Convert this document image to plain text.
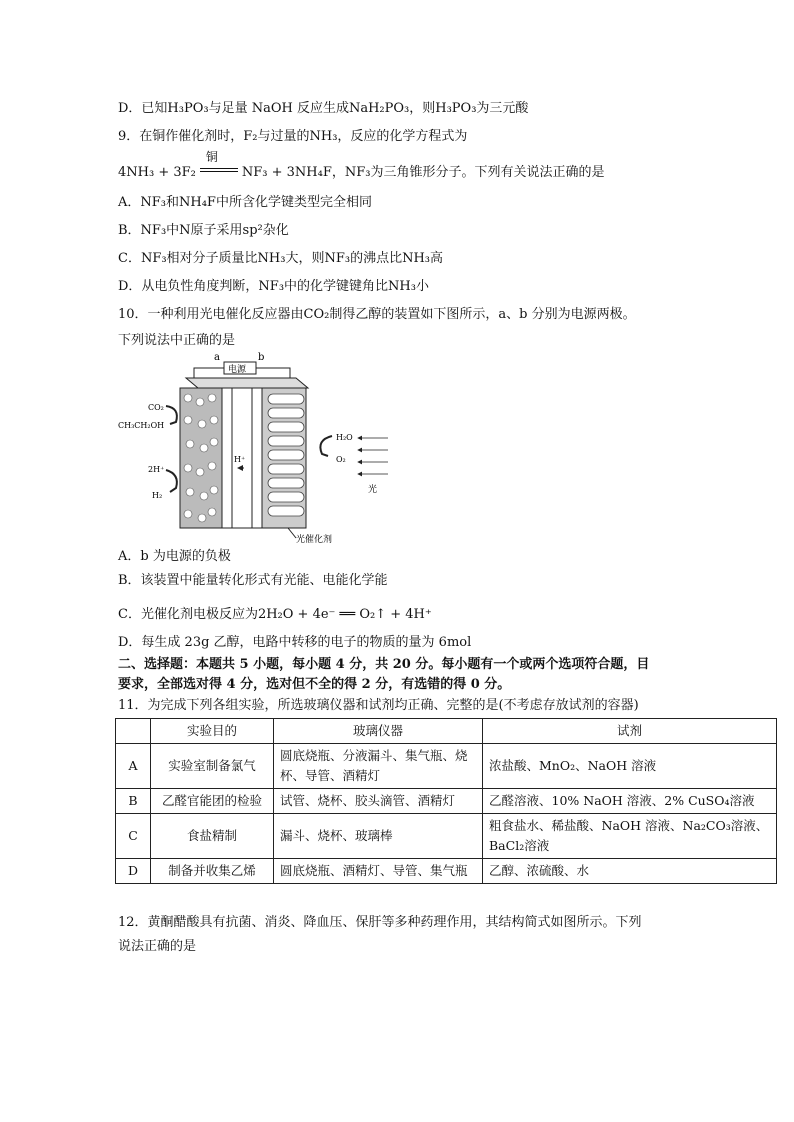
D．已知H₃PO₃与足量 NaOH 反应生成NaH₂PO₃，则H₃PO₃为三元酸
9．在铜作催化剂时，F₂与过量的NH₃，反应的化学方程式为
4NH₃ + 3F₂
铜
NF₃ + 3NH₄F，NF₃为三角锥形分子。下列有关说法正确的是
A．NF₃和NH₄F中所含化学键类型完全相同
B．NF₃中N原子采用sp²杂化
C．NF₃相对分子质量比NH₃大，则NF₃的沸点比NH₃高
D．从电负性角度判断，NF₃中的化学键键角比NH₃小
10．一种利用光电催化反应器由CO₂制得乙醇的装置如下图所示，a、b 分别为电源两极。
下列说法中正确的是
a	b
电源
H⁺
CO₂
CH₃CH₂OH
2H⁺
H₂
H₂O
O₂
光
光催化剂
A．b 为电源的负极
B．该装置中能量转化形式有光能、电能化学能
C．光催化剂电极反应为2H₂O + 4e⁻ ══ O₂↑ + 4H⁺
D．每生成 23g 乙醇，电路中转移的电子的物质的量为 6mol
二、选择题：本题共 5 小题，每小题 4 分，共 20 分。每小题有一个或两个选项符合题，目
要求，全部选对得 4 分，选对但不全的得 2 分，有选错的得 0 分。
11．为完成下列各组实验，所选玻璃仪器和试剂均正确、完整的是(不考虑存放试剂的容器)
	实验目的	玻璃仪器	试剂
A	实验室制备氯气	圆底烧瓶、分液漏斗、集气瓶、烧杯、导管、酒精灯	浓盐酸、MnO₂、NaOH 溶液
B	乙醛官能团的检验	试管、烧杯、胶头滴管、酒精灯	乙醛溶液、10% NaOH 溶液、2% CuSO₄溶液
C	食盐精制	漏斗、烧杯、玻璃棒	粗食盐水、稀盐酸、NaOH 溶液、Na₂CO₃溶液、BaCl₂溶液
D	制备并收集乙烯	圆底烧瓶、酒精灯、导管、集气瓶	乙醇、浓硫酸、水
12．黄酮醋酸具有抗菌、消炎、降血压、保肝等多种药理作用，其结构简式如图所示。下列
说法正确的是
